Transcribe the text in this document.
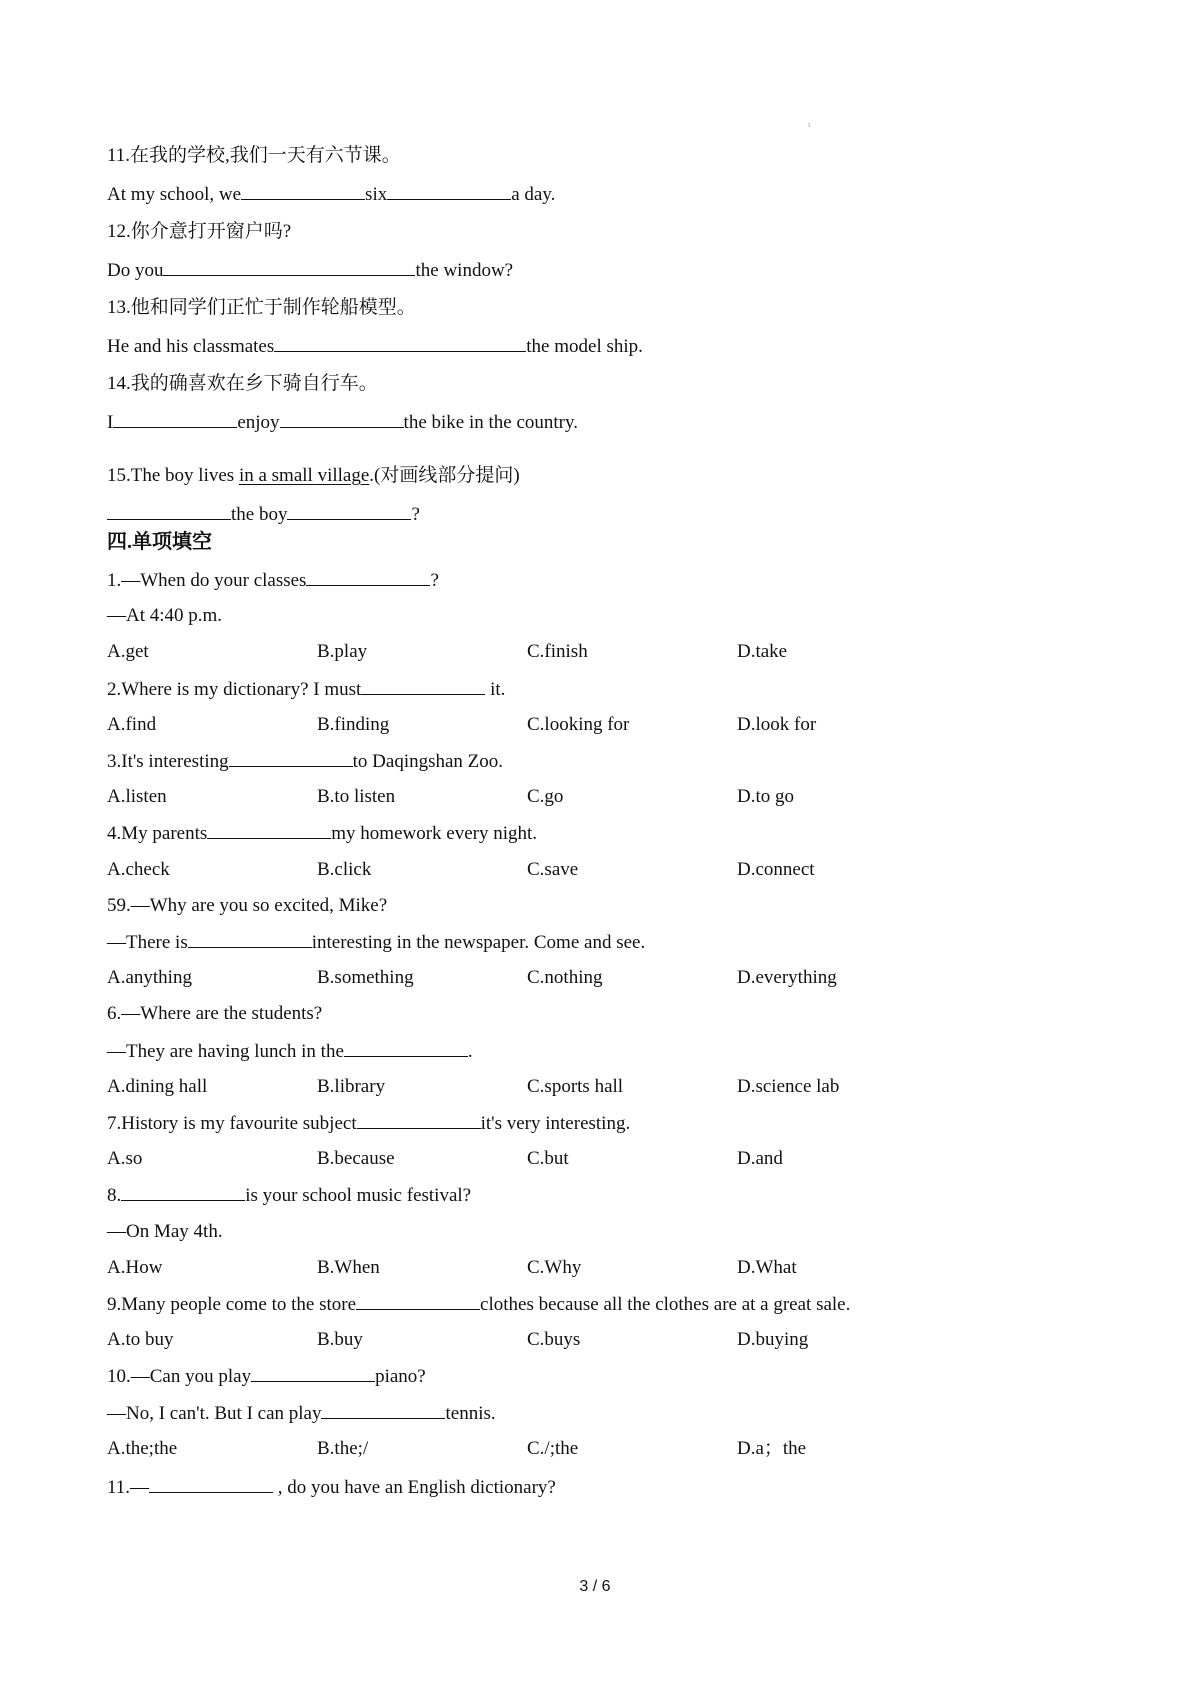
11.在我的学校,我们一天有六节课。
At my school, we	six	a day.
12.你介意打开窗户吗?
Do you	the window?
13.他和同学们正忙于制作轮船模型。
He and his classmates	the model ship.
14.我的确喜欢在乡下骑自行车。
I	enjoy	the bike in the country.
1.—When do your classes	?
—At 4:40 p.m.
A.get	B.play	C.finish	D.take
2.Where is my dictionary? I must	it.
A.find	B.finding	C.looking for	D.look for
3.It's interesting	to Daqingshan Zoo.
A.listen	B.to listen	C.go	D.to go
4.My parents	my homework every night.
A.check	B.click	C.save	D.connect
59.—Why are you so excited, Mike?
—There is	interesting in the newspaper. Come and see.
A.anything	B.something	C.nothing	D.everything
6.—Where are the students?
—They are having lunch in the	.
A.dining hall	B.library	C.sports hall	D.science lab
7.History is my favourite subject	it's very interesting.
A.so	B.because	C.but	D.and
8.	is your school music festival?
—On May 4th.
A.How	B.When	C.Why	D.What
9.Many people come to the store	clothes because all the clothes are at a great sale.
A.to buy	B.buy	C.buys	D.buying
10.—Can you play	piano?
—No, I can't. But I can play	tennis.
A.the;the	B.the;/	C./;the	D.a；the
11.—	, do you have an English dictionary?
15.The boy lives in a small village.(对画线部分提问)
the boy	?
四.单项填空
ı
3 / 6
